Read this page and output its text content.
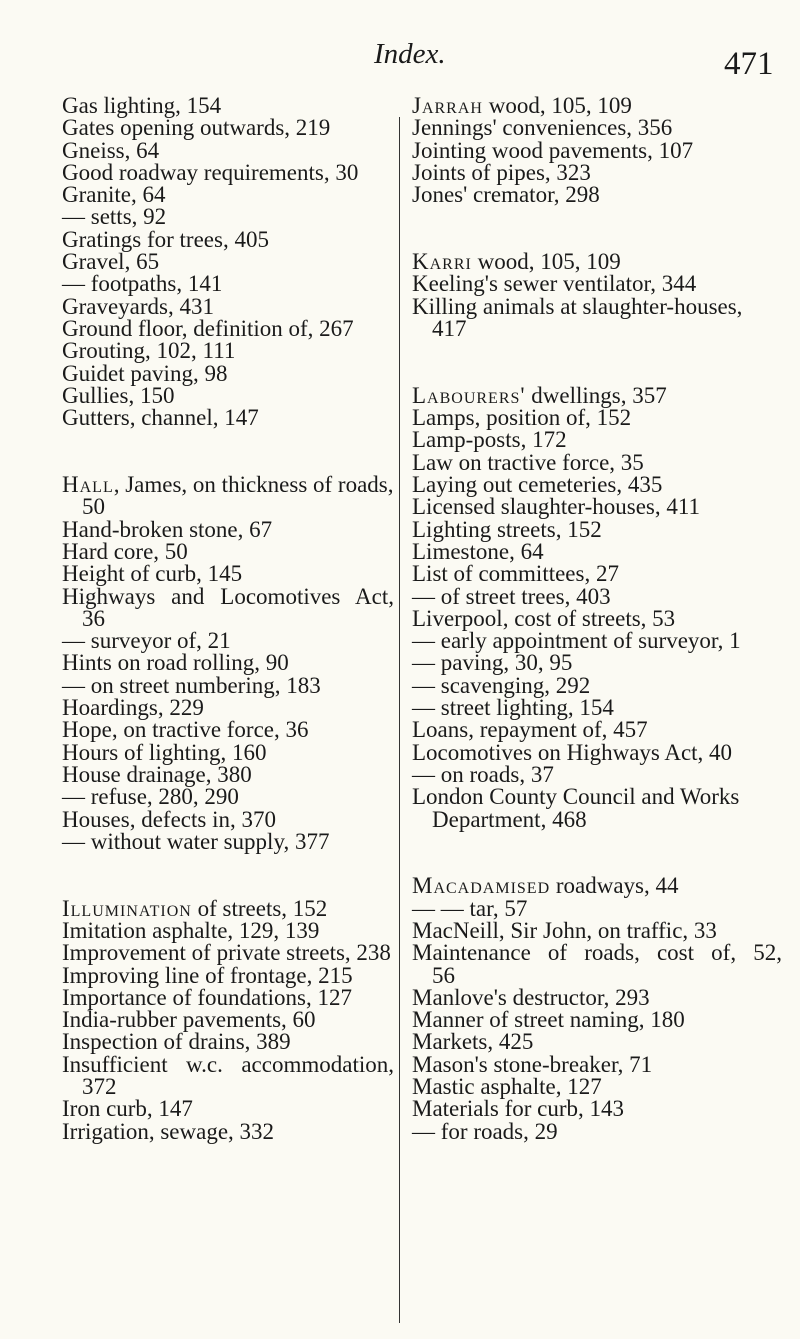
Index.	471
Gas lighting, 154
Gates opening outwards, 219
Gneiss, 64
Good roadway requirements, 30
Granite, 64
— setts, 92
Gratings for trees, 405
Gravel, 65
— footpaths, 141
Graveyards, 431
Ground floor, definition of, 267
Grouting, 102, 111
Guidet paving, 98
Gullies, 150
Gutters, channel, 147
Hall, James, on thickness of roads,
50
Hand-broken stone, 67
Hard core, 50
Height of curb, 145
Highways and Locomotives Act,
36
— surveyor of, 21
Hints on road rolling, 90
— on street numbering, 183
Hoardings, 229
Hope, on tractive force, 36
Hours of lighting, 160
House drainage, 380
— refuse, 280, 290
Houses, defects in, 370
— without water supply, 377
Illumination of streets, 152
Imitation asphalte, 129, 139
Improvement of private streets, 238
Improving line of frontage, 215
Importance of foundations, 127
India-rubber pavements, 60
Inspection of drains, 389
Insufficient w.c. accommodation,
372
Iron curb, 147
Irrigation, sewage, 332
Jarrah wood, 105, 109
Jennings' conveniences, 356
Jointing wood pavements, 107
Joints of pipes, 323
Jones' cremator, 298
Karri wood, 105, 109
Keeling's sewer ventilator, 344
Killing animals at slaughter-houses,
417
Labourers' dwellings, 357
Lamps, position of, 152
Lamp-posts, 172
Law on tractive force, 35
Laying out cemeteries, 435
Licensed slaughter-houses, 411
Lighting streets, 152
Limestone, 64
List of committees, 27
— of street trees, 403
Liverpool, cost of streets, 53
— early appointment of surveyor, 1
— paving, 30, 95
— scavenging, 292
— street lighting, 154
Loans, repayment of, 457
Locomotives on Highways Act, 40
— on roads, 37
London County Council and Works
Department, 468
Macadamised roadways, 44
— — tar, 57
MacNeill, Sir John, on traffic, 33
Maintenance of roads, cost of, 52,
56
Manlove's destructor, 293
Manner of street naming, 180
Markets, 425
Mason's stone-breaker, 71
Mastic asphalte, 127
Materials for curb, 143
— for roads, 29
